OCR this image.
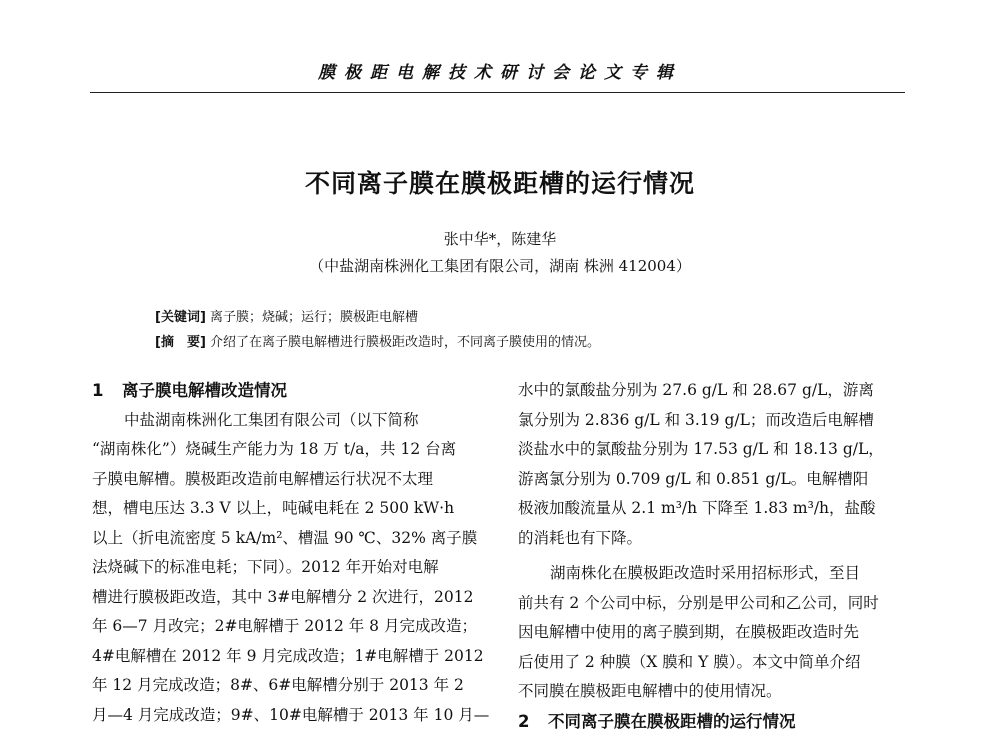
膜极距电解技术研讨会论文专辑
不同离子膜在膜极距槽的运行情况
张中华*，陈建华
（中盐湖南株洲化工集团有限公司，湖南 株洲 412004）
[关键词] 离子膜；烧碱；运行；膜极距电解槽
[摘　要] 介绍了在离子膜电解槽进行膜极距改造时，不同离子膜使用的情况。
1 离子膜电解槽改造情况
中盐湖南株洲化工集团有限公司（以下简称
“湖南株化”）烧碱生产能力为 18 万 t/a，共 12 台离
子膜电解槽。膜极距改造前电解槽运行状况不太理
想，槽电压达 3.3 V 以上，吨碱电耗在 2 500 kW·h
以上（折电流密度 5 kA/m²、槽温 90 ℃、32% 离子膜
法烧碱下的标准电耗；下同）。2012 年开始对电解
槽进行膜极距改造，其中 3#电解槽分 2 次进行，2012
年 6—7 月改完；2#电解槽于 2012 年 8 月完成改造；
4#电解槽在 2012 年 9 月完成改造；1#电解槽于 2012
年 12 月完成改造；8#、6#电解槽分别于 2013 年 2
月—4 月完成改造；9#、10#电解槽于 2013 年 10 月—
水中的氯酸盐分别为 27.6 g/L 和 28.67 g/L，游离
氯分别为 2.836 g/L 和 3.19 g/L；而改造后电解槽
淡盐水中的氯酸盐分别为 17.53 g/L 和 18.13 g/L，
游离氯分别为 0.709 g/L 和 0.851 g/L。电解槽阳
极液加酸流量从 2.1 m³/h 下降至 1.83 m³/h，盐酸
的消耗也有下降。
湖南株化在膜极距改造时采用招标形式，至目
前共有 2 个公司中标，分别是甲公司和乙公司，同时
因电解槽中使用的离子膜到期，在膜极距改造时先
后使用了 2 种膜（X 膜和 Y 膜）。本文中简单介绍
不同膜在膜极距电解槽中的使用情况。
2 不同离子膜在膜极距槽的运行情况
